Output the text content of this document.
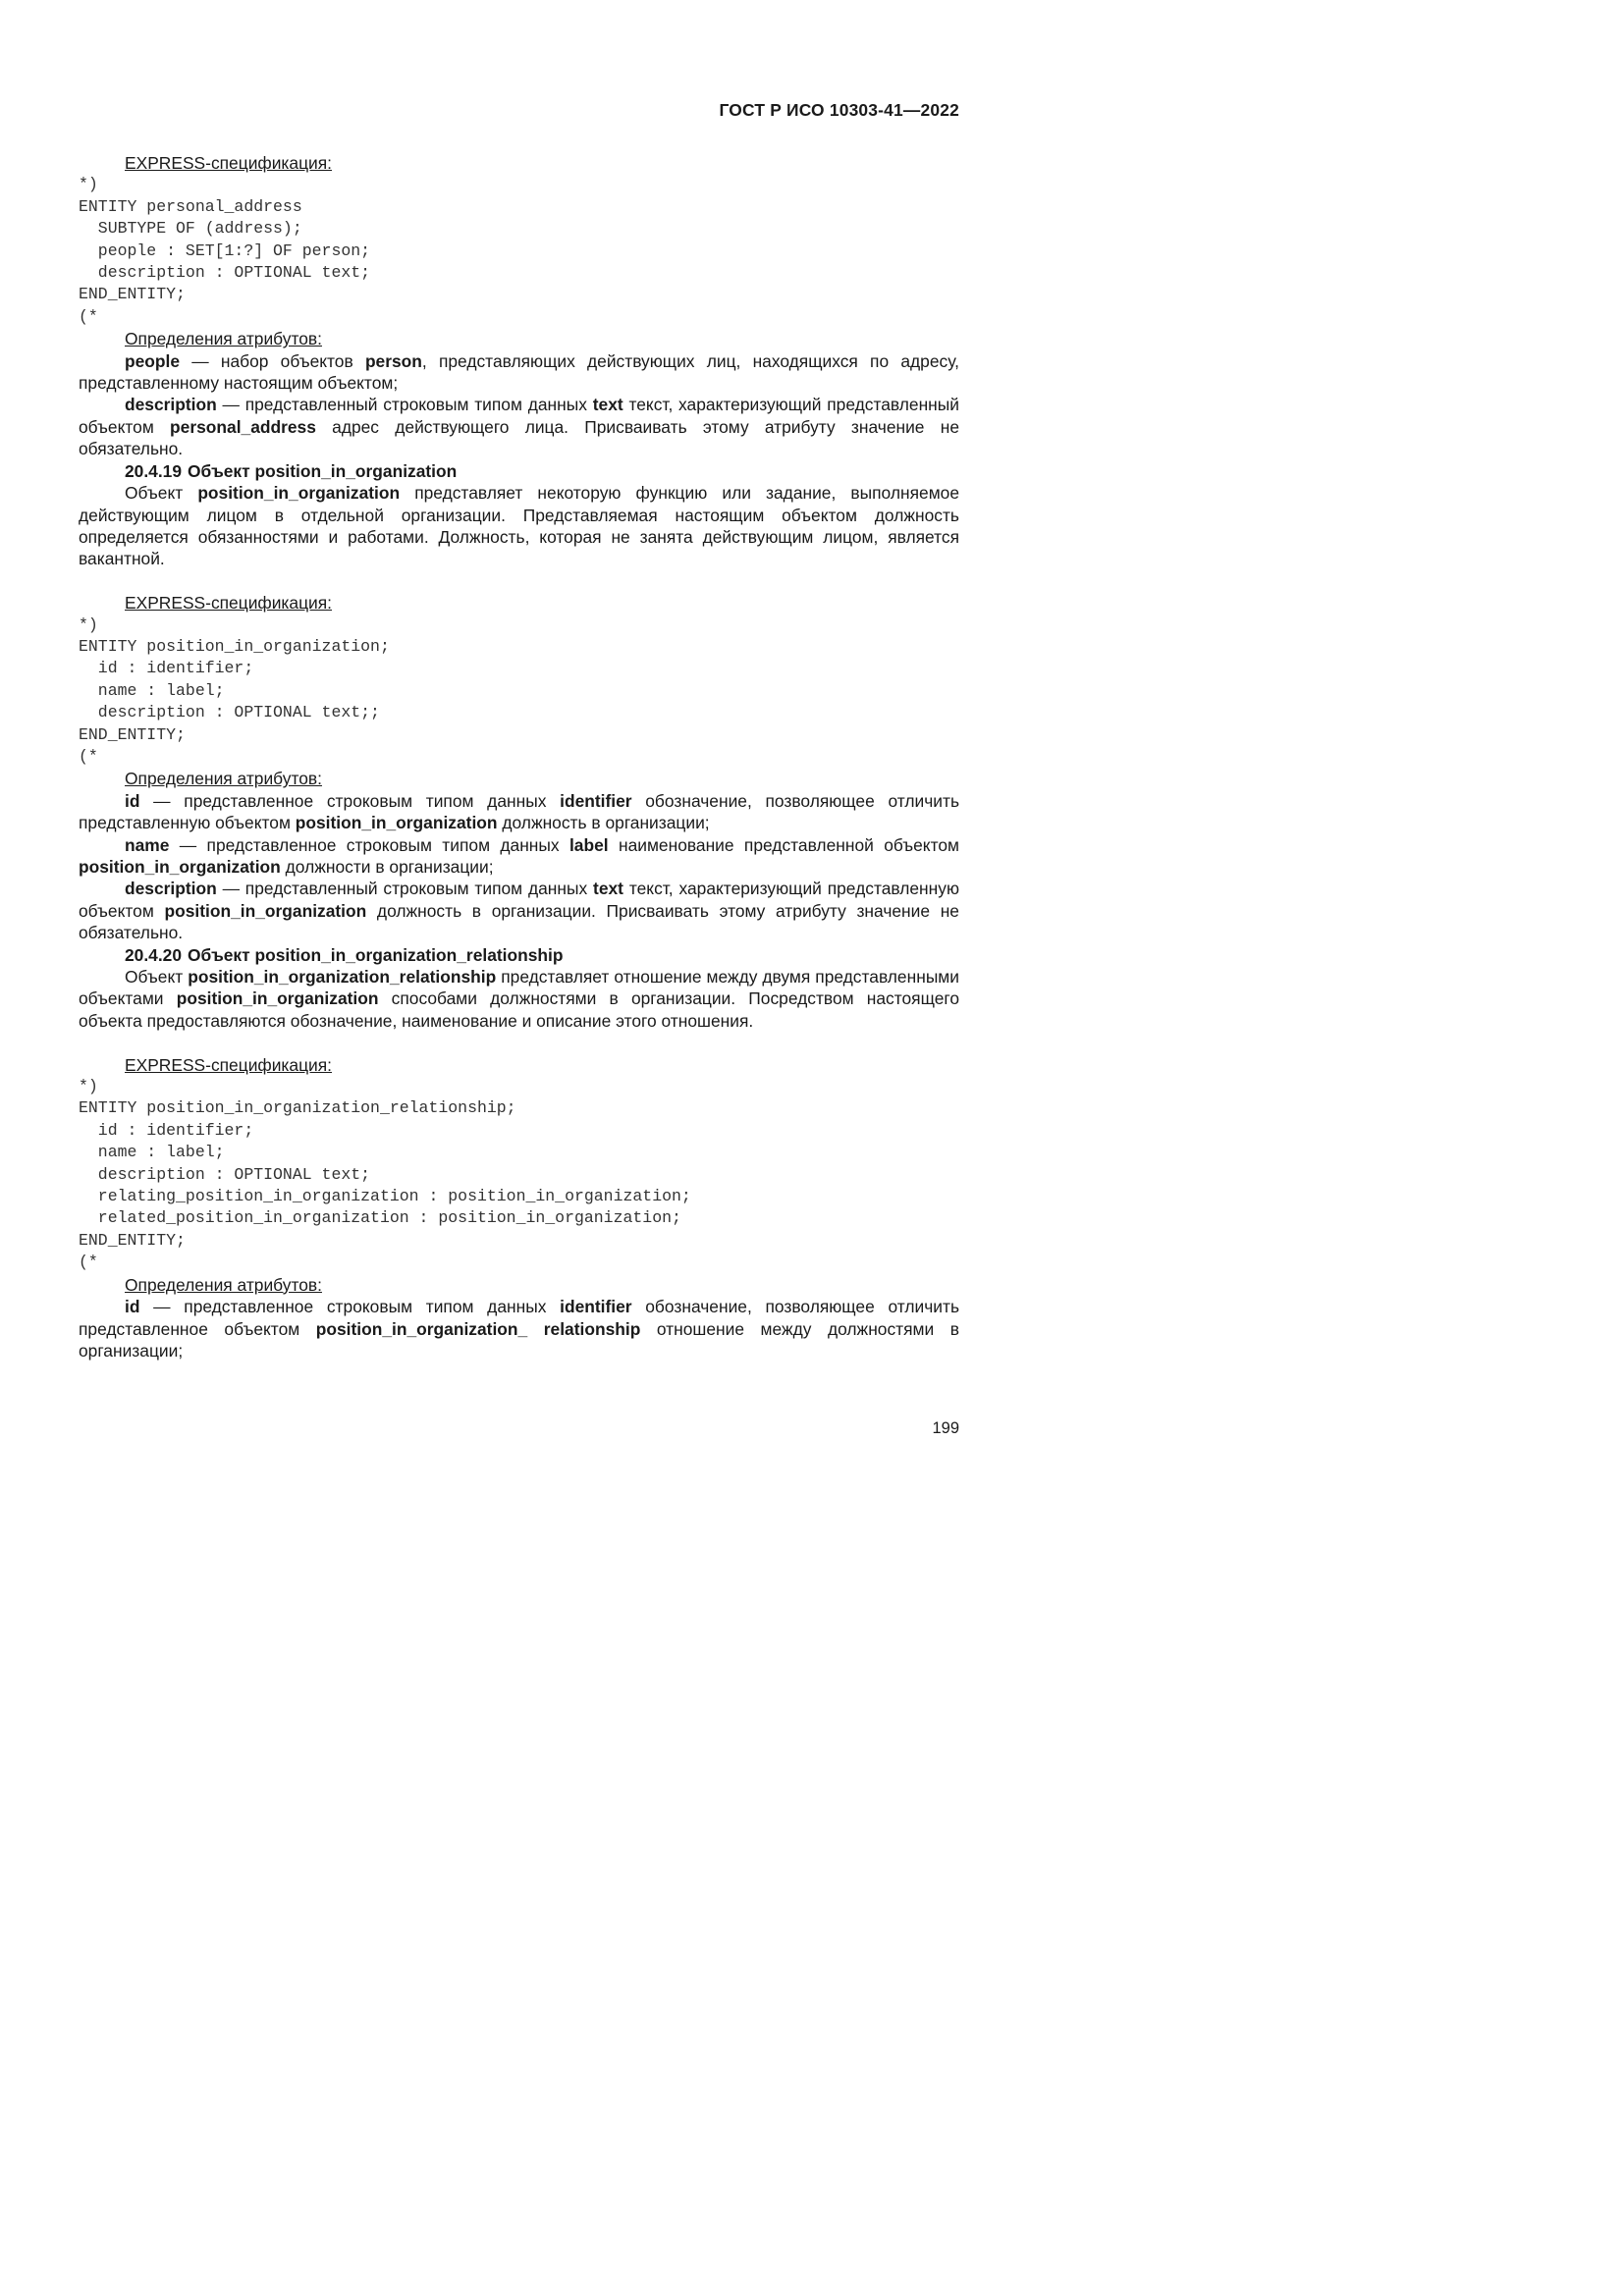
ГОСТ Р ИСО 10303-41—2022

EXPRESS-спецификация:

*)
ENTITY personal_address
SUBTYPE OF (address);
people : SET[1:?] OF person;
description : OPTIONAL text;
END_ENTITY;
(*

Определения атрибутов:

people — набор объектов person, представляющих действующих лиц, находящихся по адресу, представленному настоящим объектом;

description — представленный строковым типом данных text текст, характеризующий представленный объектом personal_address адрес действующего лица. Присваивать этому атрибуту значение не обязательно.

20.4.19 Объект position_in_organization

Объект position_in_organization представляет некоторую функцию или задание, выполняемое действующим лицом в отдельной организации. Представляемая настоящим объектом должность определяется обязанностями и работами. Должность, которая не занята действующим лицом, является вакантной.

EXPRESS-спецификация:

*)
ENTITY position_in_organization;
id : identifier;
name : label;
description : OPTIONAL text;;
END_ENTITY;
(*

Определения атрибутов:

id — представленное строковым типом данных identifier обозначение, позволяющее отличить представленную объектом position_in_organization должность в организации;

name — представленное строковым типом данных label наименование представленной объектом position_in_organization должности в организации;

description — представленный строковым типом данных text текст, характеризующий представленную объектом position_in_organization должность в организации. Присваивать этому атрибуту значение не обязательно.

20.4.20 Объект position_in_organization_relationship

Объект position_in_organization_relationship представляет отношение между двумя представленными объектами position_in_organization способами должностями в организации. Посредством настоящего объекта предоставляются обозначение, наименование и описание этого отношения.

EXPRESS-спецификация:

*)
ENTITY position_in_organization_relationship;
id : identifier;
name : label;
description : OPTIONAL text;
relating_position_in_organization : position_in_organization;
related_position_in_organization : position_in_organization;
END_ENTITY;
(*

Определения атрибутов:

id — представленное строковым типом данных identifier обозначение, позволяющее отличить представленное объектом position_in_organization_ relationship отношение между должностями в организации;

199
